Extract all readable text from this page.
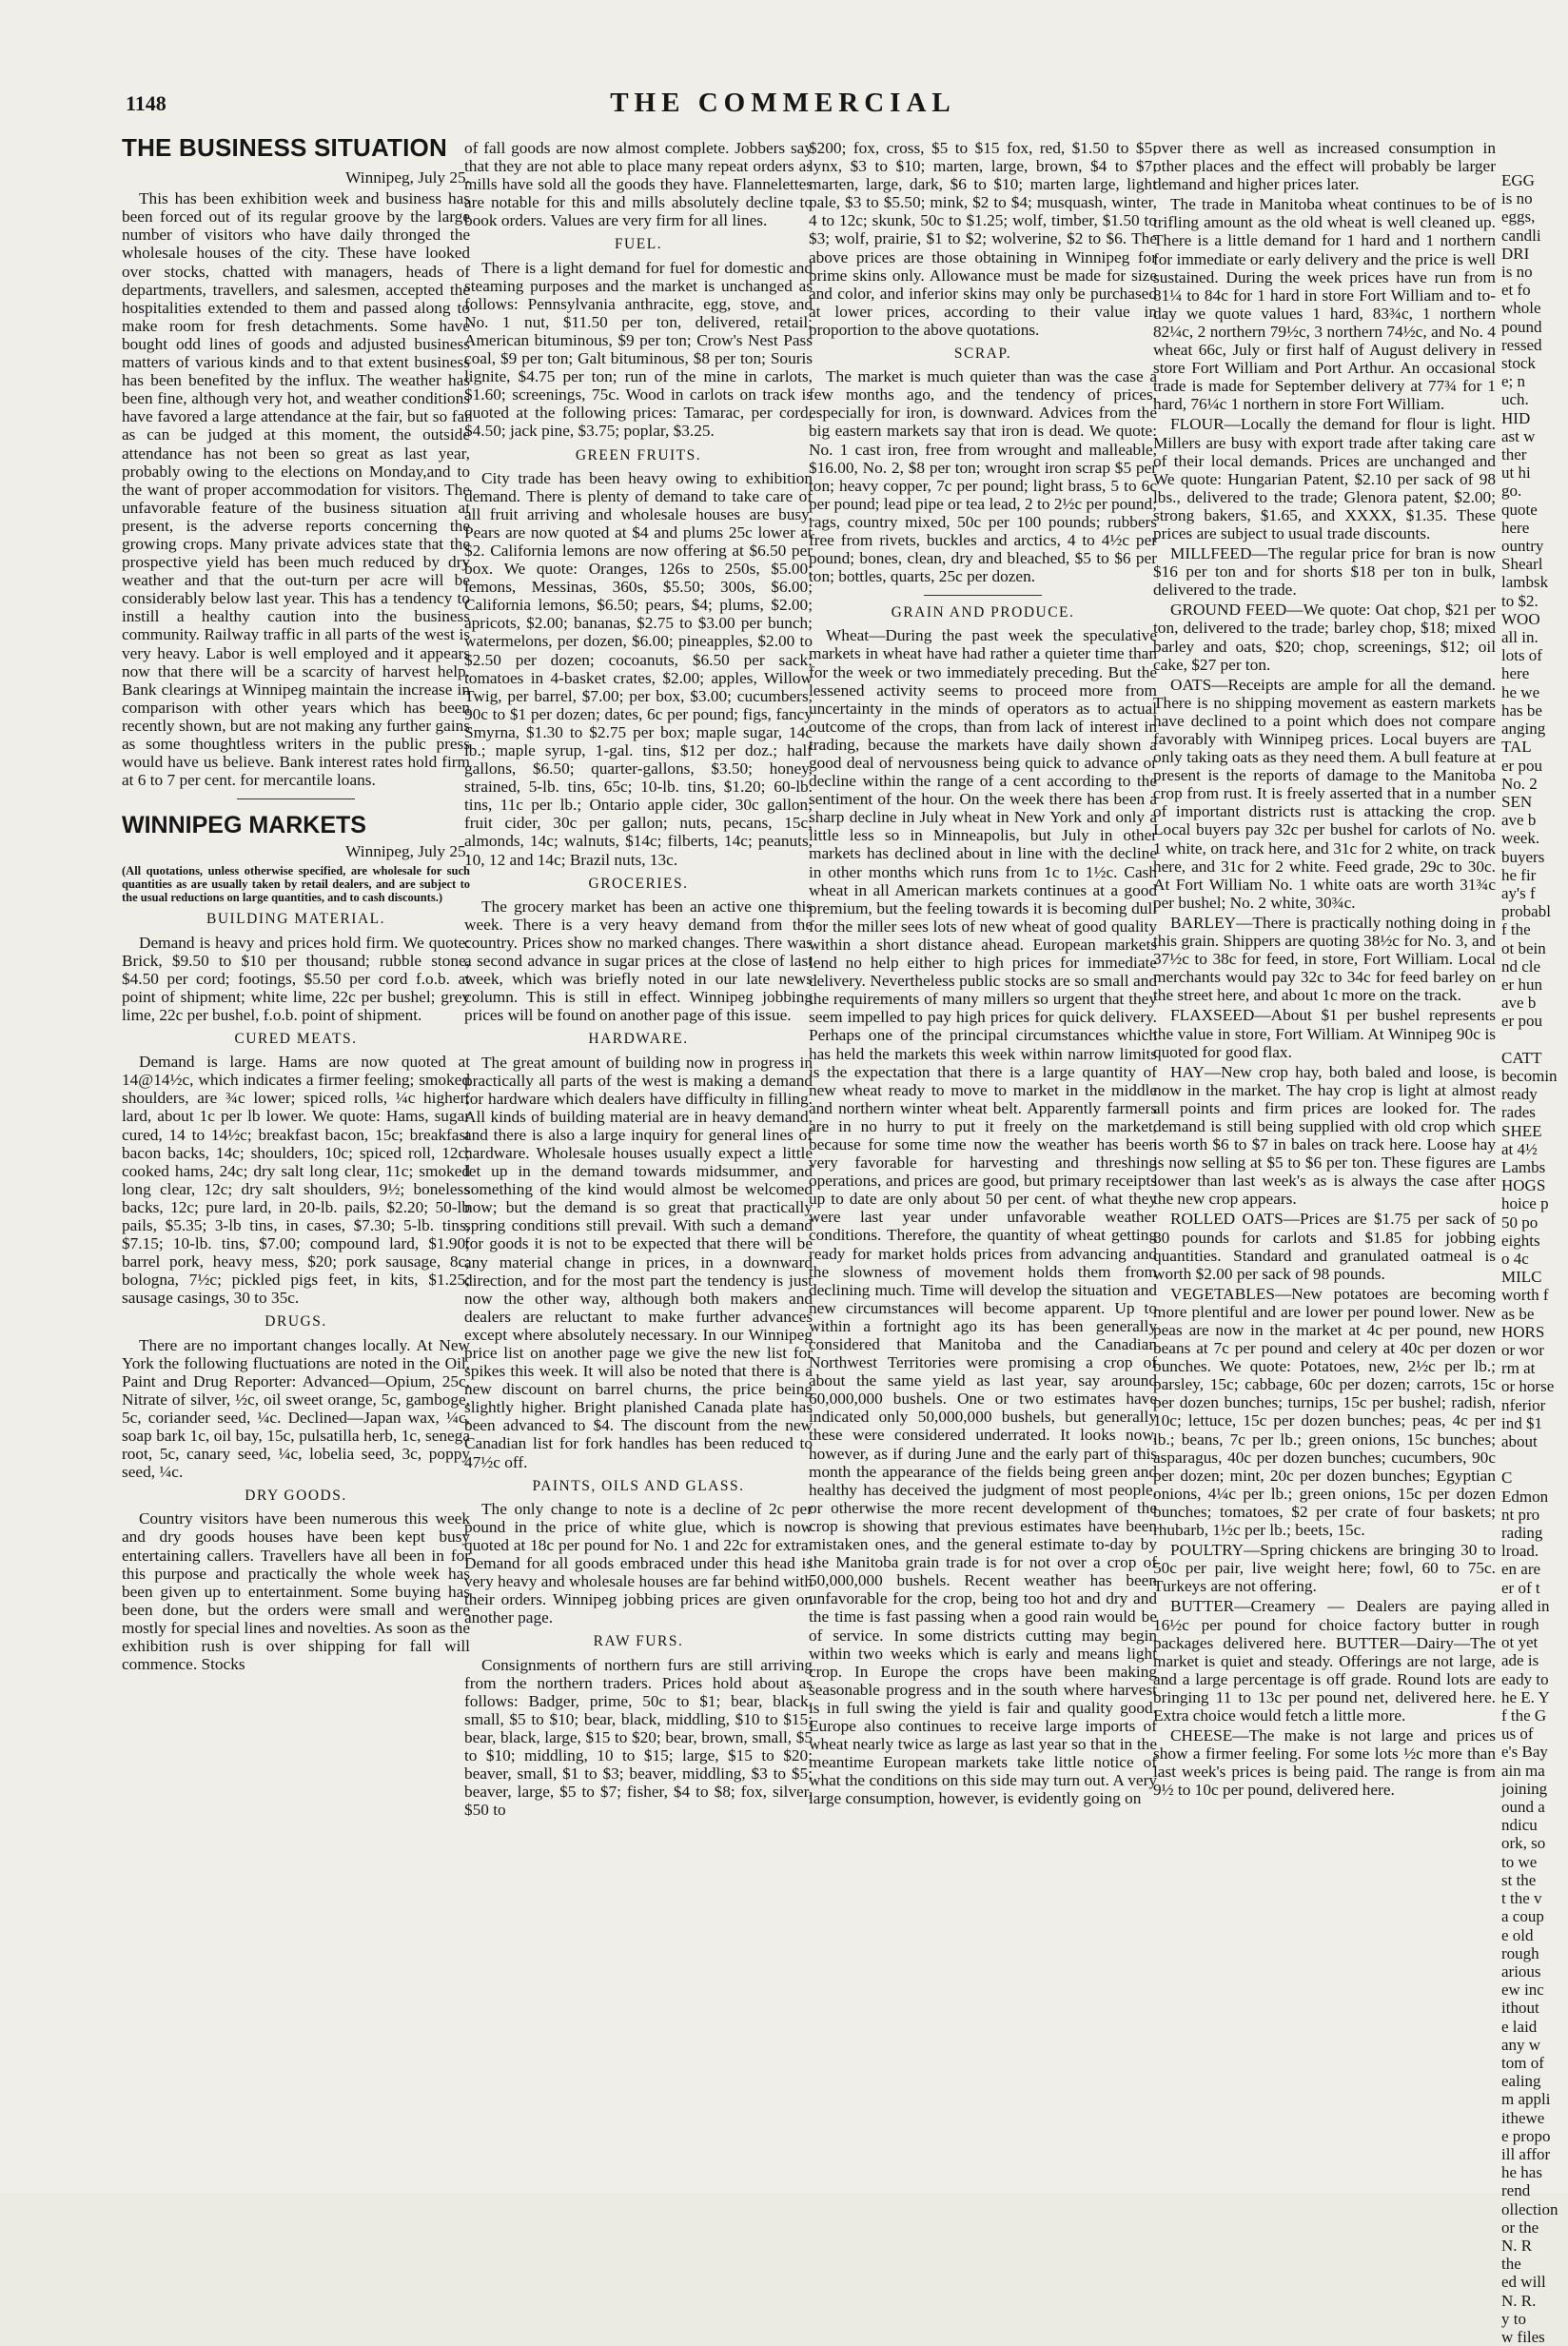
1148	THE COMMERCIAL
THE BUSINESS SITUATION

Winnipeg, July 25.

This has been exhibition week and business has been forced out of its regular groove by the large number of visitors who have daily thronged the wholesale houses of the city. These have looked over stocks, chatted with managers, heads of departments, travellers, and salesmen, accepted the hospitalities extended to them and passed along to make room for fresh detachments. Some have bought odd lines of goods and adjusted business matters of various kinds and to that extent business has been benefited by the influx. The weather has been fine, although very hot, and weather conditions have favored a large attendance at the fair, but so far as can be judged at this moment, the outside attendance has not been so great as last year, probably owing to the elections on Monday,and to the want of proper accommodation for visitors. The unfavorable feature of the business situation at present, is the adverse reports concerning the growing crops. Many private advices state that the prospective yield has been much reduced by dry weather and that the out-turn per acre will be considerably below last year. This has a tendency to instill a healthy caution into the business community. Railway traffic in all parts of the west is very heavy. Labor is well employed and it appears now that there will be a scarcity of harvest help. Bank clearings at Winnipeg maintain the increase in comparison with other years which has been recently shown, but are not making any further gains as some thoughtless writers in the public press would have us believe. Bank interest rates hold firm at 6 to 7 per cent. for mercantile loans.

WINNIPEG MARKETS

Winnipeg, July 25.

(All quotations, unless otherwise specified, are wholesale for such quantities as are usually taken by retail dealers, and are subject to the usual reductions on large quantities, and to cash discounts.)

BUILDING MATERIAL.

Demand is heavy and prices hold firm. We quote: Brick, $9.50 to $10 per thousand; rubble stone, $4.50 per cord; footings, $5.50 per cord f.o.b. at point of shipment; white lime, 22c per bushel; grey lime, 22c per bushel, f.o.b. point of shipment.

CURED MEATS.

Demand is large. Hams are now quoted at 14@14½c, which indicates a firmer feeling; smoked shoulders, are ¾c lower; spiced rolls, ¼c higher; lard, about 1c per lb lower. We quote: Hams, sugar cured, 14 to 14½c; breakfast bacon, 15c; breakfast bacon backs, 14c; shoulders, 10c; spiced roll, 12c; cooked hams, 24c; dry salt long clear, 11c; smoked long clear, 12c; dry salt shoulders, 9½; boneless backs, 12c; pure lard, in 20-lb. pails, $2.20; 50-lb pails, $5.35; 3-lb tins, in cases, $7.30; 5-lb. tins, $7.15; 10-lb. tins, $7.00; compound lard, $1.90; barrel pork, heavy mess, $20; pork sausage, 8c; bologna, 7½c; pickled pigs feet, in kits, $1.25; sausage casings, 30 to 35c.

DRUGS.

There are no important changes locally. At New York the following fluctuations are noted in the Oil, Paint and Drug Reporter: Advanced—Opium, 25c, Nitrate of silver, ½c, oil sweet orange, 5c, gamboge, 5c, coriander seed, ¼c. Declined—Japan wax, ¼c, soap bark 1c, oil bay, 15c, pulsatilla herb, 1c, senega root, 5c, canary seed, ¼c, lobelia seed, 3c, poppy seed, ¼c.

DRY GOODS.

Country visitors have been numerous this week and dry goods houses have been kept busy entertaining callers. Travellers have all been in for this purpose and practically the whole week has been given up to entertainment. Some buying has been done, but the orders were small and were mostly for special lines and novelties. As soon as the exhibition rush is over shipping for fall will commence. Stocks

of fall goods are now almost complete. Jobbers say that they are not able to place many repeat orders as mills have sold all the goods they have. Flannelettes are notable for this and mills absolutely decline to book orders. Values are very firm for all lines.

FUEL.

There is a light demand for fuel for domestic and steaming purposes and the market is unchanged as follows: Pennsylvania anthracite, egg, stove, and No. 1 nut, $11.50 per ton, delivered, retail; American bituminous, $9 per ton; Crow's Nest Pass coal, $9 per ton; Galt bituminous, $8 per ton; Souris lignite, $4.75 per ton; run of the mine in carlots, $1.60; screenings, 75c. Wood in carlots on track is quoted at the following prices: Tamarac, per cord, $4.50; jack pine, $3.75; poplar, $3.25.

GREEN FRUITS.

City trade has been heavy owing to exhibition demand. There is plenty of demand to take care of all fruit arriving and wholesale houses are busy. Pears are now quoted at $4 and plums 25c lower at $2. California lemons are now offering at $6.50 per box. We quote: Oranges, 126s to 250s, $5.00; lemons, Messinas, 360s, $5.50; 300s, $6.00; California lemons, $6.50; pears, $4; plums, $2.00; apricots, $2.00; bananas, $2.75 to $3.00 per bunch; watermelons, per dozen, $6.00; pineapples, $2.00 to $2.50 per dozen; cocoanuts, $6.50 per sack; tomatoes in 4-basket crates, $2.00; apples, Willow Twig, per barrel, $7.00; per box, $3.00; cucumbers, 90c to $1 per dozen; dates, 6c per pound; figs, fancy Smyrna, $1.30 to $2.75 per box; maple sugar, 14c lb.; maple syrup, 1-gal. tins, $12 per doz.; half gallons, $6.50; quarter-gallons, $3.50; honey, strained, 5-lb. tins, 65c; 10-lb. tins, $1.20; 60-lb. tins, 11c per lb.; Ontario apple cider, 30c gallon; fruit cider, 30c per gallon; nuts, pecans, 15c; almonds, 14c; walnuts, $14c; filberts, 14c; peanuts, 10, 12 and 14c; Brazil nuts, 13c.

GROCERIES.

The grocery market has been an active one this week. There is a very heavy demand from the country. Prices show no marked changes. There was a second advance in sugar prices at the close of last week, which was briefly noted in our late news column. This is still in effect. Winnipeg jobbing prices will be found on another page of this issue.

HARDWARE.

The great amount of building now in progress in practically all parts of the west is making a demand for hardware which dealers have difficulty in filling. All kinds of building material are in heavy demand, and there is also a large inquiry for general lines of hardware. Wholesale houses usually expect a little let up in the demand towards midsummer, and something of the kind would almost be welcomed now; but the demand is so great that practically spring conditions still prevail. With such a demand for goods it is not to be expected that there will be any material change in prices, in a downward direction, and for the most part the tendency is just now the other way, although both makers and dealers are reluctant to make further advances except where absolutely necessary. In our Winnipeg price list on another page we give the new list for spikes this week. It will also be noted that there is a new discount on barrel churns, the price being slightly higher. Bright planished Canada plate has been advanced to $4. The discount from the new Canadian list for fork handles has been reduced to 47½c off.

PAINTS, OILS AND GLASS.

The only change to note is a decline of 2c per pound in the price of white glue, which is now quoted at 18c per pound for No. 1 and 22c for extra. Demand for all goods embraced under this head is very heavy and wholesale houses are far behind with their orders. Winnipeg jobbing prices are given on another page.

RAW FURS.

Consignments of northern furs are still arriving from the northern traders. Prices hold about as follows: Badger, prime, 50c to $1; bear, black, small, $5 to $10; bear, black, middling, $10 to $15; bear, black, large, $15 to $20; bear, brown, small, $5 to $10; middling, 10 to $15; large, $15 to $20; beaver, small, $1 to $3; beaver, middling, $3 to $5; beaver, large, $5 to $7; fisher, $4 to $8; fox, silver, $50 to

$200; fox, cross, $5 to $15 fox, red, $1.50 to $5; lynx, $3 to $10; marten, large, brown, $4 to $7; marten, large, dark, $6 to $10; marten large, light pale, $3 to $5.50; mink, $2 to $4; musquash, winter, 4 to 12c; skunk, 50c to $1.25; wolf, timber, $1.50 to $3; wolf, prairie, $1 to $2; wolverine, $2 to $6. The above prices are those obtaining in Winnipeg for prime skins only. Allowance must be made for size and color, and inferior skins may only be purchased at lower prices, according to their value in proportion to the above quotations.

SCRAP.

The market is much quieter than was the case a few months ago, and the tendency of prices, especially for iron, is downward. Advices from the big eastern markets say that iron is dead. We quote: No. 1 cast iron, free from wrought and malleable, $16.00, No. 2, $8 per ton; wrought iron scrap $5 per ton; heavy copper, 7c per pound; light brass, 5 to 6c per pound; lead pipe or tea lead, 2 to 2½c per pound; rags, country mixed, 50c per 100 pounds; rubbers free from rivets, buckles and arctics, 4 to 4½c per pound; bones, clean, dry and bleached, $5 to $6 per ton; bottles, quarts, 25c per dozen.

GRAIN AND PRODUCE.

Wheat—During the past week the speculative markets in wheat have had rather a quieter time than for the week or two immediately preceding. But the lessened activity seems to proceed more from uncertainty in the minds of operators as to actual outcome of the crops, than from lack of interest in trading, because the markets have daily shown a good deal of nervousness being quick to advance or decline within the range of a cent according to the sentiment of the hour. On the week there has been a sharp decline in July wheat in New York and only a little less so in Minneapolis, but July in other markets has declined about in line with the decline in other months which runs from 1c to 1½c. Cash wheat in all American markets continues at a good premium, but the feeling towards it is becoming dull for the miller sees lots of new wheat of good quality within a short distance ahead. European markets lend no help either to high prices for immediate delivery. Nevertheless public stocks are so small and the requirements of many millers so urgent that they seem impelled to pay high prices for quick delivery. Perhaps one of the principal circumstances which has held the markets this week within narrow limits is the expectation that there is a large quantity of new wheat ready to move to market in the middle and northern winter wheat belt. Apparently farmers are in no hurry to put it freely on the market, because for some time now the weather has been very favorable for harvesting and threshing operations, and prices are good, but primary receipts up to date are only about 50 per cent. of what they were last year under unfavorable weather conditions. Therefore, the quantity of wheat getting ready for market holds prices from advancing and the slowness of movement holds them from declining much. Time will develop the situation and new circumstances will become apparent. Up to within a fortnight ago its has been generally considered that Manitoba and the Canadian Northwest Territories were promising a crop of about the same yield as last year, say around 60,000,000 bushels. One or two estimates have indicated only 50,000,000 bushels, but generally these were considered underrated. It looks now, however, as if during June and the early part of this month the appearance of the fields being green and healthy has deceived the judgment of most people, or otherwise the more recent development of the crop is showing that previous estimates have been mistaken ones, and the general estimate to-day by the Manitoba grain trade is for not over a crop of 50,000,000 bushels. Recent weather has been unfavorable for the crop, being too hot and dry and the time is fast passing when a good rain would be of service. In some districts cutting may begin within two weeks which is early and means light crop. In Europe the crops have been making seasonable progress and in the south where harvest is in full swing the yield is fair and quality good. Europe also continues to receive large imports of wheat nearly twice as large as last year so that in the meantime European markets take little notice of what the conditions on this side may turn out. A very large consumption, however, is evidently going on

over there as well as increased consumption in other places and the effect will probably be larger demand and higher prices later.

The trade in Manitoba wheat continues to be of trifling amount as the old wheat is well cleaned up. There is a little demand for 1 hard and 1 northern for immediate or early delivery and the price is well sustained. During the week prices have run from 81¼ to 84c for 1 hard in store Fort William and to-day we quote values 1 hard, 83¾c, 1 northern 82¼c, 2 northern 79½c, 3 northern 74½c, and No. 4 wheat 66c, July or first half of August delivery in store Fort William and Port Arthur. An occasional trade is made for September delivery at 77¾ for 1 hard, 76¼c 1 northern in store Fort William.

FLOUR—Locally the demand for flour is light. Millers are busy with export trade after taking care of their local demands. Prices are unchanged and We quote: Hungarian Patent, $2.10 per sack of 98 lbs., delivered to the trade; Glenora patent, $2.00; strong bakers, $1.65, and XXXX, $1.35. These prices are subject to usual trade discounts.

MILLFEED—The regular price for bran is now $16 per ton and for shorts $18 per ton in bulk, delivered to the trade.

GROUND FEED—We quote: Oat chop, $21 per ton, delivered to the trade; barley chop, $18; mixed barley and oats, $20; chop, screenings, $12; oil cake, $27 per ton.

OATS—Receipts are ample for all the demand. There is no shipping movement as eastern markets have declined to a point which does not compare favorably with Winnipeg prices. Local buyers are only taking oats as they need them. A bull feature at present is the reports of damage to the Manitoba crop from rust. It is freely asserted that in a number of important districts rust is attacking the crop. Local buyers pay 32c per bushel for carlots of No. 1 white, on track here, and 31c for 2 white, on track here, and 31c for 2 white. Feed grade, 29c to 30c. At Fort William No. 1 white oats are worth 31¾c per bushel; No. 2 white, 30¾c.

BARLEY—There is practically nothing doing in this grain. Shippers are quoting 38½c for No. 3, and 37½c to 38c for feed, in store, Fort William. Local merchants would pay 32c to 34c for feed barley on the street here, and about 1c more on the track.

FLAXSEED—About $1 per bushel represents the value in store, Fort William. At Winnipeg 90c is quoted for good flax.

HAY—New crop hay, both baled and loose, is now in the market. The hay crop is light at almost all points and firm prices are looked for. The demand is still being supplied with old crop which is worth $6 to $7 in bales on track here. Loose hay is now selling at $5 to $6 per ton. These figures are lower than last week's as is always the case after the new crop appears.

ROLLED OATS—Prices are $1.75 per sack of 80 pounds for carlots and $1.85 for jobbing quantities. Standard and granulated oatmeal is worth $2.00 per sack of 98 pounds.

VEGETABLES—New potatoes are becoming more plentiful and are lower per pound lower. New peas are now in the market at 4c per pound, new beans at 7c per pound and celery at 40c per dozen bunches. We quote: Potatoes, new, 2½c per lb.; parsley, 15c; cabbage, 60c per dozen; carrots, 15c per dozen bunches; turnips, 15c per bushel; radish, 10c; lettuce, 15c per dozen bunches; peas, 4c per lb.; beans, 7c per lb.; green onions, 15c bunches; asparagus, 40c per dozen bunches; cucumbers, 90c per dozen; mint, 20c per dozen bunches; Egyptian onions, 4¼c per lb.; green onions, 15c per dozen bunches; tomatoes, $2 per crate of four baskets; rhubarb, 1½c per lb.; beets, 15c.

POULTRY—Spring chickens are bringing 30 to 50c per pair, live weight here; fowl, 60 to 75c. Turkeys are not offering.

BUTTER—Creamery — Dealers are paying 16½c per pound for choice factory butter in packages delivered here. BUTTER—Dairy—The market is quiet and steady. Offerings are not large, and a large percentage is off grade. Round lots are bringing 11 to 13c per pound net, delivered here. Extra choice would fetch a little more.

CHEESE—The make is not large and prices show a firmer feeling. For some lots ½c more than last week's prices is being paid. The range is from 9½ to 10c per pound, delivered here.

EGG
is no
eggs,
candli
DRI
is no
et fo
whole
pound
ressed
stock
e; n
uch.
HID
ast w
ther
ut hi
go.
quote
here
ountry
Shearl
lambsk
to $2.
WOO
all in.
lots of
here
he we
has be
anging
TAL
er pou
No. 2
SEN
ave b
week.
buyers
he fir
ay's f
probabl
f the
ot bein
nd cle
er hun
ave b
er pou

CATT
becomin
ready
rades
SHEE
at 4½
Lambs
HOGS
hoice p
50 po
eights
o 4c
MILC
worth f
as be
HORS
or wor
rm at
or horse
nferior
ind $1
about

C
Edmon
nt pro
rading
lroad.
en are
er of t
alled in
rough
ot yet
ade is
eady to
he E. Y
f the G
us of
e's Bay
ain ma
joining
ound a
ndicu
ork, so
to we
st the
t the v
a coup
e old
rough
arious
ew inc
ithout
e laid
any w
tom of
ealing
m appli
ithewe
e propo
ill affor
he has
rend
ollection
or the
N. R
the
ed will
N. R.
y to
w files
